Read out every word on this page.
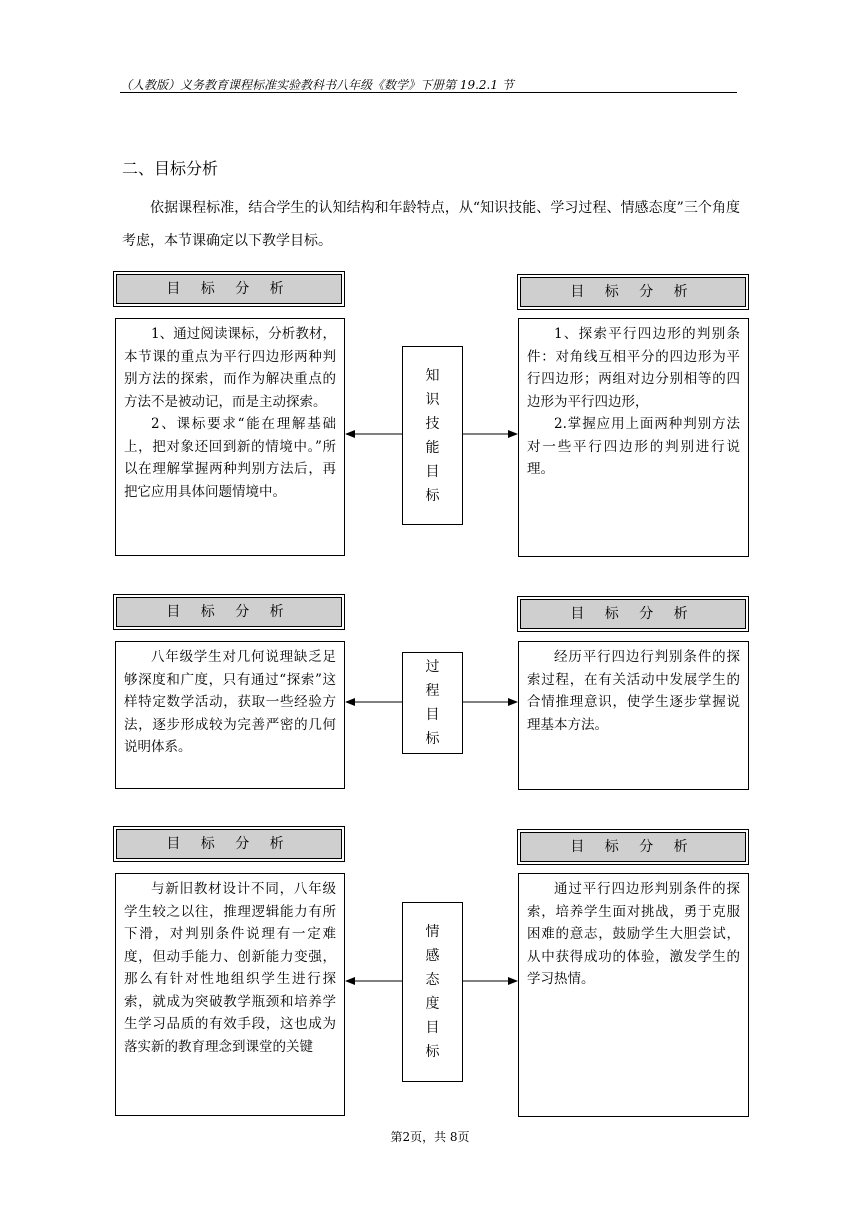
（人教版）义务教育课程标准实验教科书八年级《数学》下册第 19.2.1 节
二、目标分析
依据课程标准，结合学生的认知结构和年龄特点，从“知识技能、学习过程、情感态度”三个角度考虑，本节课确定以下教学目标。
目 标 分 析	目 标 分 析

1、通过阅读课标，分析教材，本节课的重点为平行四边形两种判别方法的探索，而作为解决重点的方法不是被动记，而是主动探索。

2、课标要求“能在理解基础上，把对象还回到新的情境中。”所以在理解掌握两种判别方法后，再把它应用具体问题情境中。

知
识
技
能
目
标

1、探索平行四边形的判别条件：对角线互相平分的四边形为平行四边形；两组对边分别相等的四边形为平行四边形，

2.掌握应用上面两种判别方法对一些平行四边形的判别进行说理。

目 标 分 析	目 标 分 析

八年级学生对几何说理缺乏足够深度和广度，只有通过“探索”这样特定数学活动，获取一些经验方法，逐步形成较为完善严密的几何说明体系。

过
程
目
标

经历平行四边行判别条件的探索过程，在有关活动中发展学生的合情推理意识，使学生逐步掌握说理基本方法。

目 标 分 析	目 标 分 析

与新旧教材设计不同，八年级学生较之以往，推理逻辑能力有所下滑，对判别条件说理有一定难度，但动手能力、创新能力变强，那么有针对性地组织学生进行探索，就成为突破教学瓶颈和培养学生学习品质的有效手段，这也成为落实新的教育理念到课堂的关键

情
感
态
度
目
标

通过平行四边形判别条件的探索，培养学生面对挑战，勇于克服困难的意志，鼓励学生大胆尝试，从中获得成功的体验，激发学生的学习热情。

第2页，共 8页
